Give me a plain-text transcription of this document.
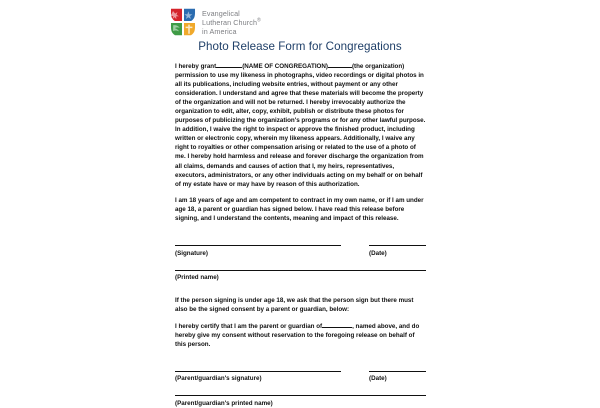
Evangelical
Lutheran Church®
in America
Photo Release Form for Congregations

I hereby grant	(NAME OF CONGREGATION)	(the organization) permission to use my likeness in photographs, video recordings or digital photos in all its publications, including website entries, without payment or any other consideration. I understand and agree that these materials will become the property of the organization and will not be returned. I hereby irrevocably authorize the organization to edit, alter, copy, exhibit, publish or distribute these photos for purposes of publicizing the organization's programs or for any other lawful purpose. In addition, I waive the right to inspect or approve the finished product, including written or electronic copy, wherein my likeness appears. Additionally, I waive any right to royalties or other compensation arising or related to the use of a photo of me. I hereby hold harmless and release and forever discharge the organization from all claims, demands and causes of action that I, my heirs, representatives, executors, administrators, or any other individuals acting on my behalf or on behalf of my estate have or may have by reason of this authorization.

I am 18 years of age and am competent to contract in my own name, or if I am under age 18, a parent or guardian has signed below. I have read this release before signing, and I understand the contents, meaning and impact of this release.

(Signature)	(Date)
(Printed name)

If the person signing is under age 18, we ask that the person sign but there must also be the signed consent by a parent or guardian, below:

I hereby certify that I am the parent or guardian of	, named above, and do hereby give my consent without reservation to the foregoing release on behalf of this person.

(Parent/guardian's signature)	(Date)
(Parent/guardian's printed name)
